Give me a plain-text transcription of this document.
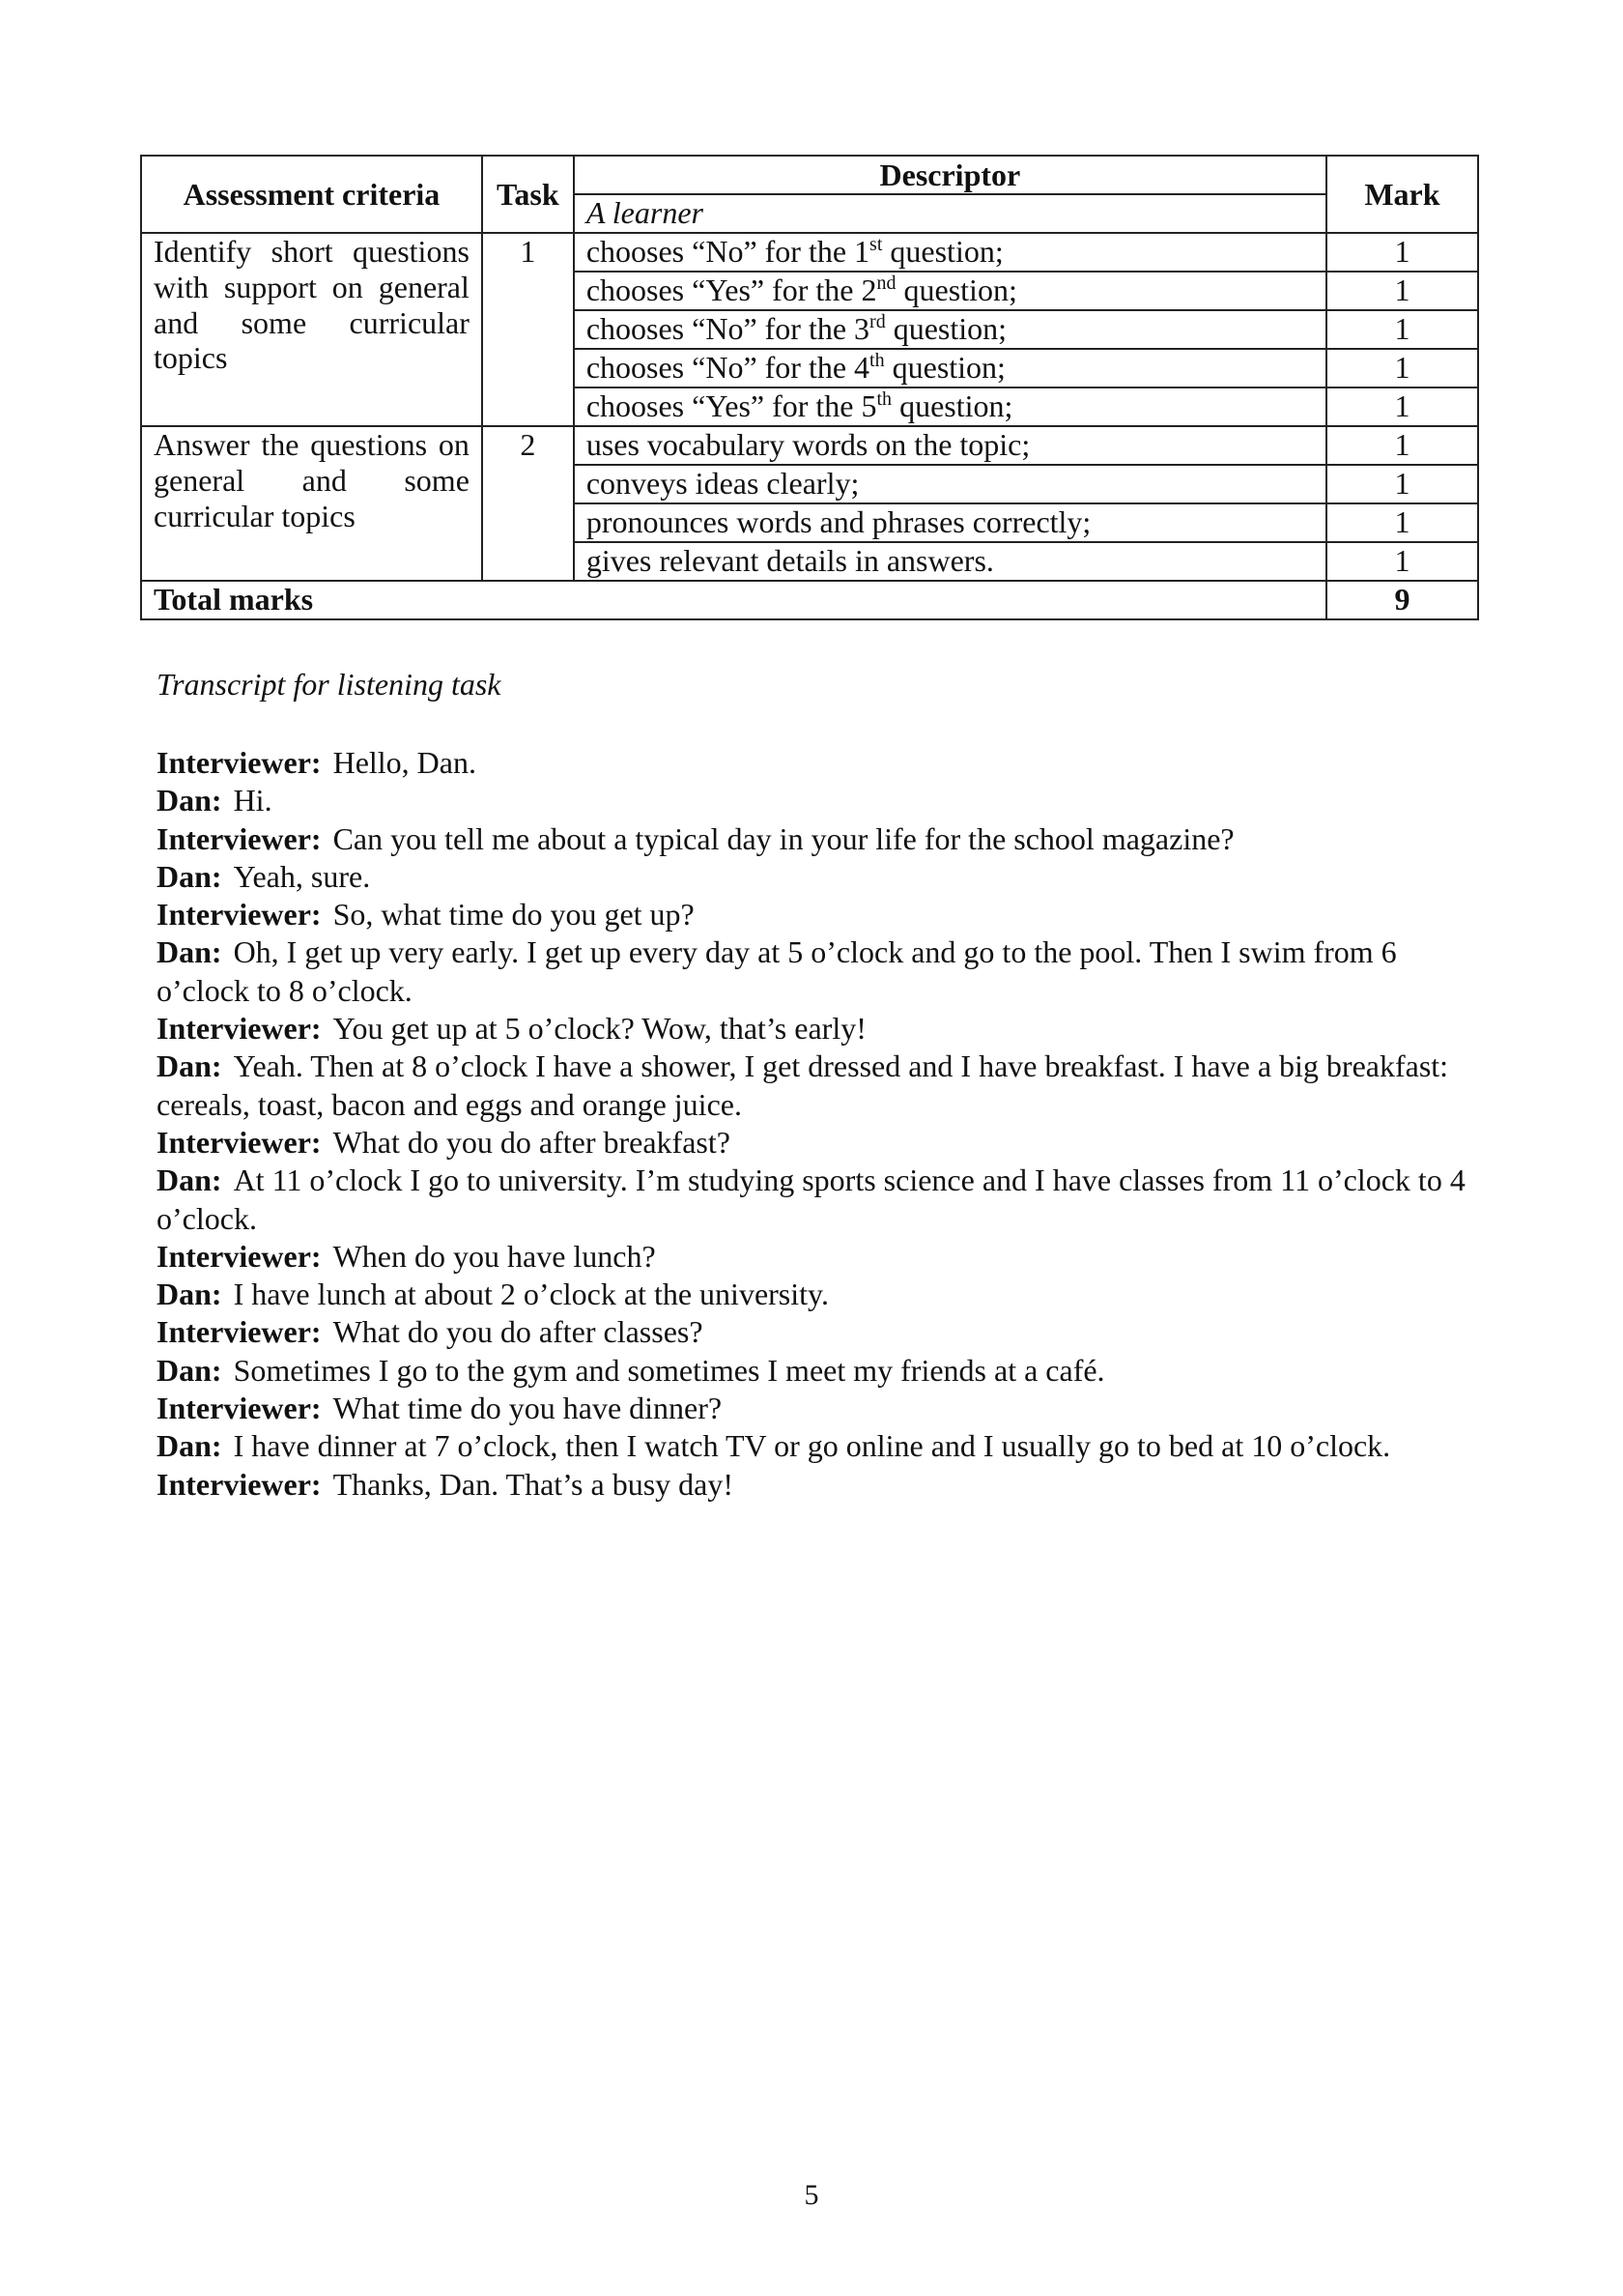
Assessment criteria	Task	Descriptor	Mark
		A learner	
Identify short questions with support on general and some curricular topics	1	chooses “No” for the 1st question;	1
		chooses “Yes” for the 2nd question;	1
		chooses “No” for the 3rd question;	1
		chooses “No” for the 4th question;	1
		chooses “Yes” for the 5th question;	1
Answer the questions on general and some curricular topics	2	uses vocabulary words on the topic;	1
		conveys ideas clearly;	1
		pronounces words and phrases correctly;	1
		gives relevant details in answers.	1
Total marks			9
Transcript for listening task

Interviewer: Hello, Dan.

Dan: Hi.

Interviewer: Can you tell me about a typical day in your life for the school magazine?

Dan: Yeah, sure.

Interviewer: So, what time do you get up?

Dan: Oh, I get up very early. I get up every day at 5 o’clock and go to the pool. Then I swim from 6 o’clock to 8 o’clock.

Interviewer: You get up at 5 o’clock? Wow, that’s early!

Dan: Yeah. Then at 8 o’clock I have a shower, I get dressed and I have breakfast. I have a big breakfast: cereals, toast, bacon and eggs and orange juice.

Interviewer: What do you do after breakfast?

Dan: At 11 o’clock I go to university. I’m studying sports science and I have classes from 11 o’clock to 4 o’clock.

Interviewer: When do you have lunch?

Dan: I have lunch at about 2 o’clock at the university.

Interviewer: What do you do after classes?

Dan: Sometimes I go to the gym and sometimes I meet my friends at a café.

Interviewer: What time do you have dinner?

Dan: I have dinner at 7 o’clock, then I watch TV or go online and I usually go to bed at 10 o’clock.

Interviewer: Thanks, Dan. That’s a busy day!

5
